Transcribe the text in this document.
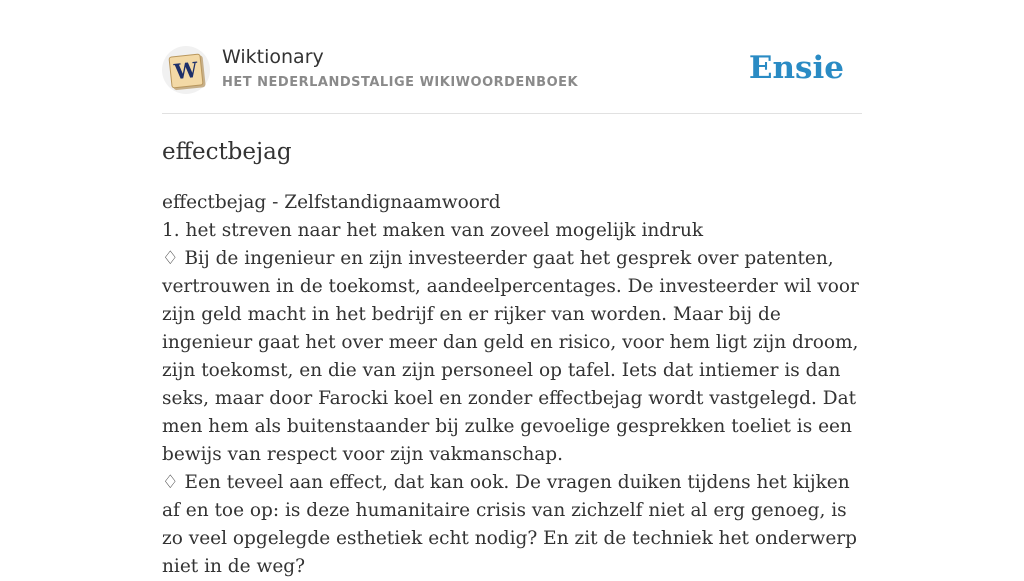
W Wiktionary
HET NEDERLANDSTALIGE WIKIWOORDENBOEK	Ensie
effectbejag
effectbejag - Zelfstandignaamwoord
1. het streven naar het maken van zoveel mogelijk indruk
♢ Bij de ingenieur en zijn investeerder gaat het gesprek over patenten, vertrouwen in de toekomst, aandeelpercentages. De investeerder wil voor zijn geld macht in het bedrijf en er rijker van worden. Maar bij de ingenieur gaat het over meer dan geld en risico, voor hem ligt zijn droom, zijn toekomst, en die van zijn personeel op tafel. Iets dat intiemer is dan seks, maar door Farocki koel en zonder effectbejag wordt vastgelegd. Dat men hem als buitenstaander bij zulke gevoelige gesprekken toeliet is een bewijs van respect voor zijn vakmanschap.
♢ Een teveel aan effect, dat kan ook. De vragen duiken tijdens het kijken af en toe op: is deze humanitaire crisis van zichzelf niet al erg genoeg, is zo veel opgelegde esthetiek echt nodig? En zit de techniek het onderwerp niet in de weg?
